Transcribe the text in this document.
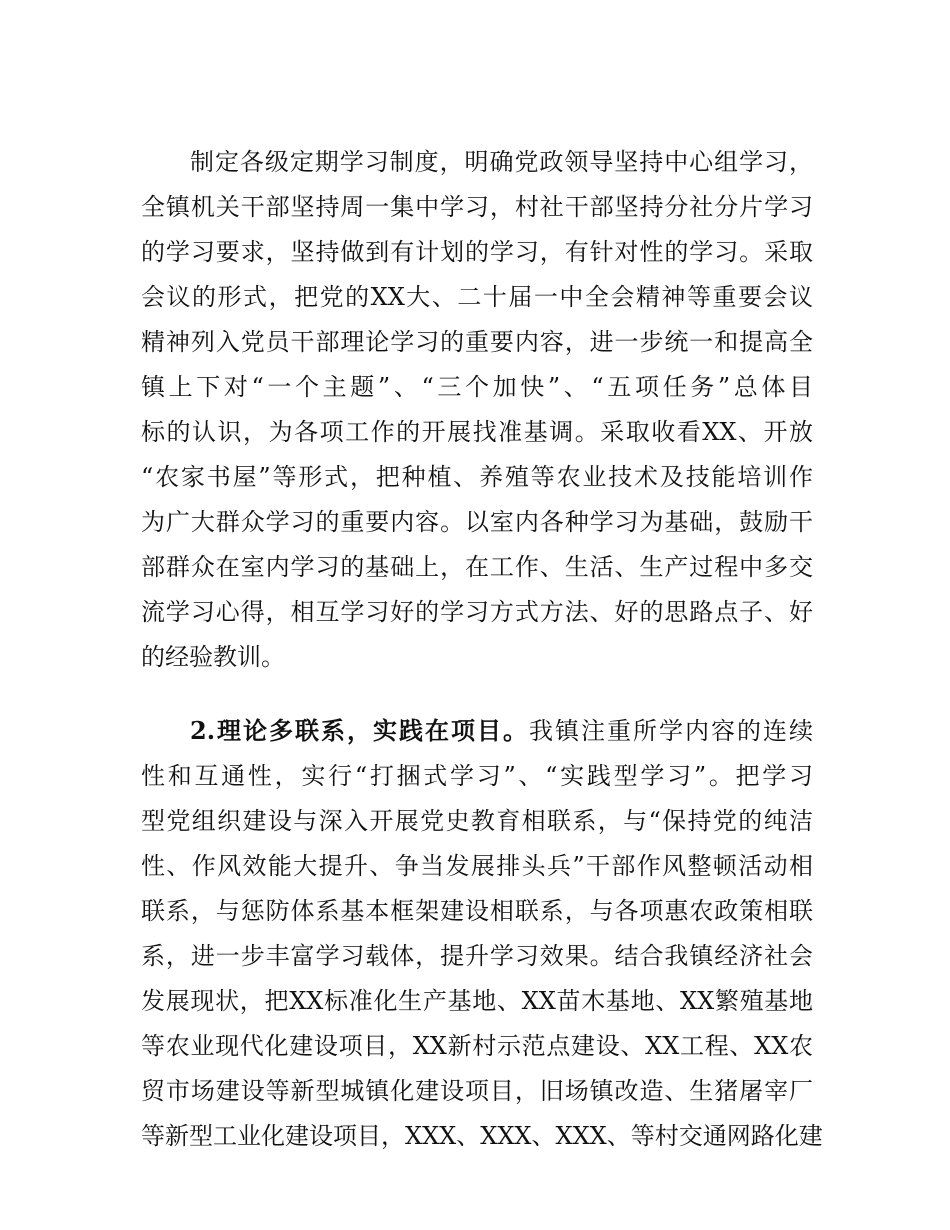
制定各级定期学习制度，明确党政领导坚持中心组学习，
全镇机关干部坚持周一集中学习，村社干部坚持分社分片学习
的学习要求，坚持做到有计划的学习，有针对性的学习。采取
会议的形式，把党的XX大、二十届一中全会精神等重要会议
精神列入党员干部理论学习的重要内容，进一步统一和提高全
镇上下对“一个主题”、“三个加快”、“五项任务”总体目
标的认识，为各项工作的开展找准基调。采取收看XX、开放
“农家书屋”等形式，把种植、养殖等农业技术及技能培训作
为广大群众学习的重要内容。以室内各种学习为基础，鼓励干
部群众在室内学习的基础上，在工作、生活、生产过程中多交
流学习心得，相互学习好的学习方式方法、好的思路点子、好
的经验教训。
2.理论多联系，实践在项目。我镇注重所学内容的连续
性和互通性，实行“打捆式学习”、“实践型学习”。把学习
型党组织建设与深入开展党史教育相联系，与“保持党的纯洁
性、作风效能大提升、争当发展排头兵”干部作风整顿活动相
联系，与惩防体系基本框架建设相联系，与各项惠农政策相联
系，进一步丰富学习载体，提升学习效果。结合我镇经济社会
发展现状，把XX标准化生产基地、XX苗木基地、XX繁殖基地
等农业现代化建设项目，XX新村示范点建设、XX工程、XX农
贸市场建设等新型城镇化建设项目，旧场镇改造、生猪屠宰厂
等新型工业化建设项目，XXX、XXX、XXX、等村交通网路化建
